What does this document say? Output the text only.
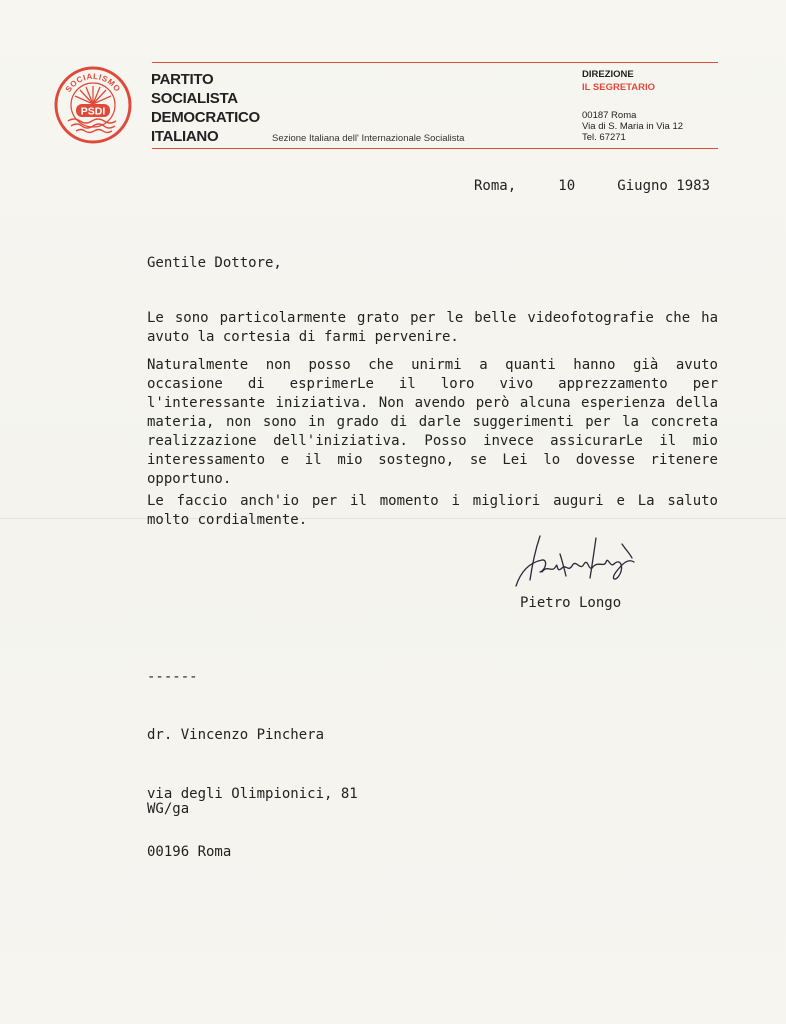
PSDI
SOCIALISMO
PARTITO
SOCIALISTA
DEMOCRATICO
ITALIANO	Sezione Italiana dell' Internazionale Socialista
DIREZIONE
IL SEGRETARIO
00187 Roma
Via di S. Maria in Via 12
Tel. 67271
Roma,     10     Giugno 1983
Gentile Dottore,
Le sono particolarmente grato per le belle videofotografie che ha avuto la cortesia di farmi pervenire.
Naturalmente non posso che unirmi a quanti hanno già avuto occasione di esprimerLe il loro vivo apprezzamento per l'interessante iniziativa. Non avendo però alcuna esperienza della materia, non sono in grado di darle suggerimenti per la concreta realizzazione dell'iniziativa. Posso invece assicurarLe il mio interessamento e il mio sostegno, se Lei lo dovesse ritenere opportuno.
Le faccio anch'io per il momento i migliori auguri e La saluto molto cordialmente.
Pietro Longo
------

dr. Vincenzo Pinchera

via degli Olimpionici, 81

00196 Roma

WG/ga
